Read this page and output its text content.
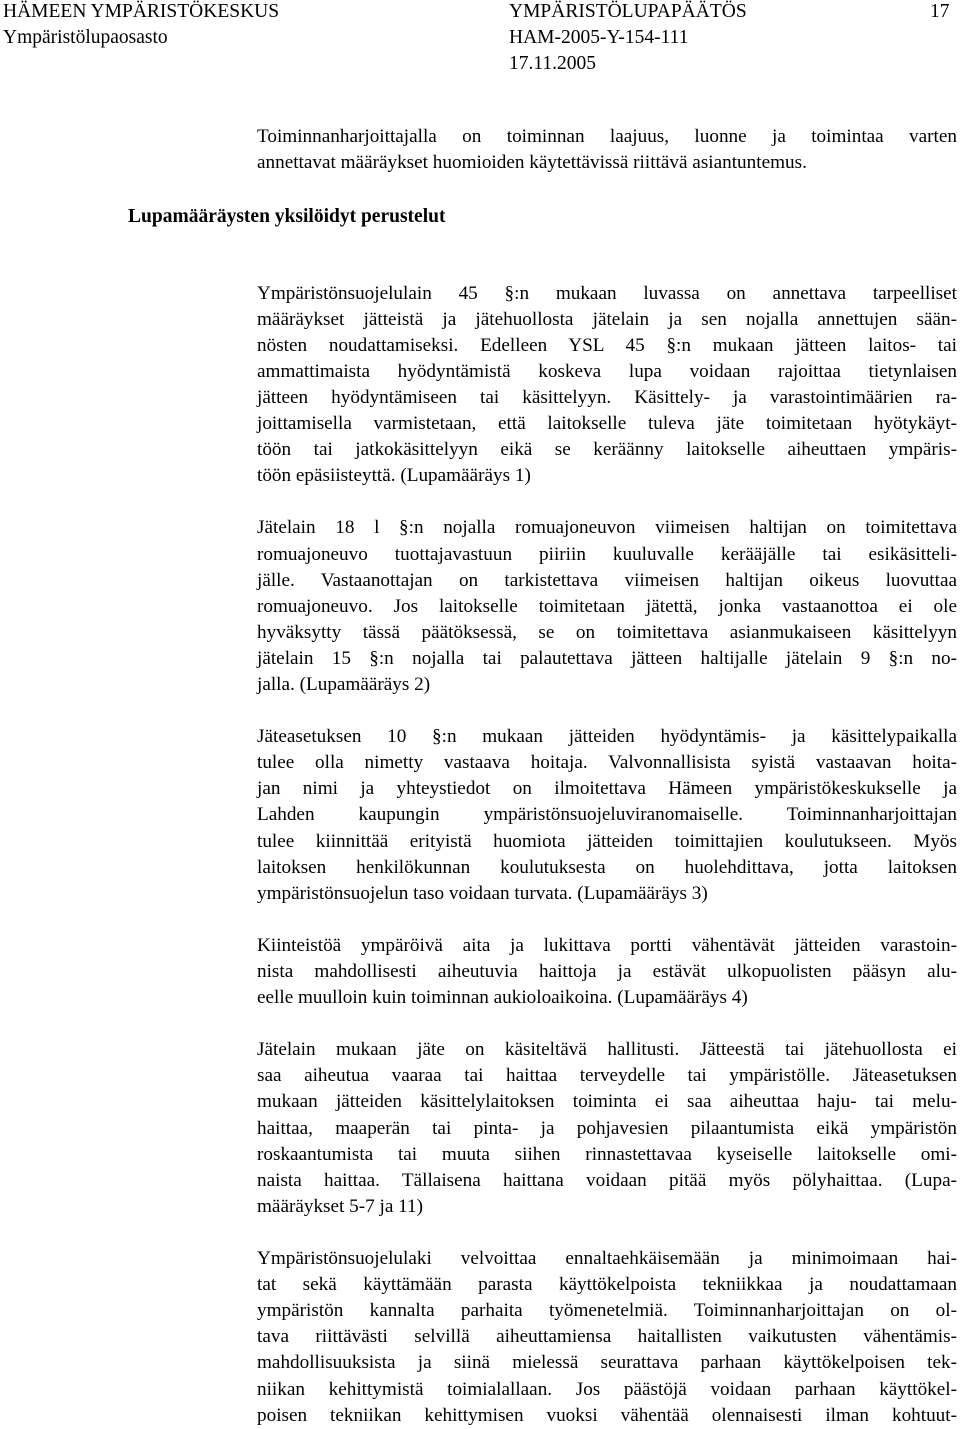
HÄMEEN YMPÄRISTÖKESKUS
Ympäristölupaosasto
YMPÄRISTÖLUPAPÄÄTÖS
HAM-2005-Y-154-111
17.11.2005
17
Lupamääräysten yksilöidyt perustelut
Toiminnanharjoittajalla on toiminnan laajuus, luonne ja toimintaa varten
annettavat määräykset huomioiden käytettävissä riittävä asiantuntemus.
Ympäristönsuojelulain 45 §:n mukaan luvassa on annettava tarpeelliset
määräykset jätteistä ja jätehuollosta jätelain ja sen nojalla annettujen sään-
nösten noudattamiseksi. Edelleen YSL 45 §:n mukaan jätteen laitos- tai
ammattimaista hyödyntämistä koskeva lupa voidaan rajoittaa tietynlaisen
jätteen hyödyntämiseen tai käsittelyyn. Käsittely- ja varastointimäärien ra-
joittamisella varmistetaan, että laitokselle tuleva jäte toimitetaan hyötykäyt-
töön tai jatkokäsittelyyn eikä se keräänny laitokselle aiheuttaen ympäris-
töön epäsiisteyttä. (Lupamääräys 1)
Jätelain 18 l §:n nojalla romuajoneuvon viimeisen haltijan on toimitettava
romuajoneuvo tuottajavastuun piiriin kuuluvalle kerääjälle tai esikäsitteli-
jälle. Vastaanottajan on tarkistettava viimeisen haltijan oikeus luovuttaa
romuajoneuvo. Jos laitokselle toimitetaan jätettä, jonka vastaanottoa ei ole
hyväksytty tässä päätöksessä, se on toimitettava asianmukaiseen käsittelyyn
jätelain 15 §:n nojalla tai palautettava jätteen haltijalle jätelain 9 §:n no-
jalla. (Lupamääräys 2)
Jäteasetuksen 10 §:n mukaan jätteiden hyödyntämis- ja käsittelypaikalla
tulee olla nimetty vastaava hoitaja. Valvonnallisista syistä vastaavan hoita-
jan nimi ja yhteystiedot on ilmoitettava Hämeen ympäristökeskukselle ja
Lahden kaupungin ympäristönsuojeluviranomaiselle. Toiminnanharjoittajan
tulee kiinnittää erityistä huomiota jätteiden toimittajien koulutukseen. Myös
laitoksen henkilökunnan koulutuksesta on huolehdittava, jotta laitoksen
ympäristönsuojelun taso voidaan turvata. (Lupamääräys 3)
Kiinteistöä ympäröivä aita ja lukittava portti vähentävät jätteiden varastoin-
nista mahdollisesti aiheutuvia haittoja ja estävät ulkopuolisten pääsyn alu-
eelle muulloin kuin toiminnan aukioloaikoina. (Lupamääräys 4)
Jätelain mukaan jäte on käsiteltävä hallitusti. Jätteestä tai jätehuollosta ei
saa aiheutua vaaraa tai haittaa terveydelle tai ympäristölle. Jäteasetuksen
mukaan jätteiden käsittelylaitoksen toiminta ei saa aiheuttaa haju- tai melu-
haittaa, maaperän tai pinta- ja pohjavesien pilaantumista eikä ympäristön
roskaantumista tai muuta siihen rinnastettavaa kyseiselle laitokselle omi-
naista haittaa. Tällaisena haittana voidaan pitää myös pölyhaittaa. (Lupa-
määräykset 5-7 ja 11)
Ympäristönsuojelulaki velvoittaa ennaltaehkäisemään ja minimoimaan hai-
tat sekä käyttämään parasta käyttökelpoista tekniikkaa ja noudattamaan
ympäristön kannalta parhaita työmenetelmiä. Toiminnanharjoittajan on ol-
tava riittävästi selvillä aiheuttamiensa haitallisten vaikutusten vähentämis-
mahdollisuuksista ja siinä mielessä seurattava parhaan käyttökelpoisen tek-
niikan kehittymistä toimialallaan. Jos päästöjä voidaan parhaan käyttökel-
poisen tekniikan kehittymisen vuoksi vähentää olennaisesti ilman kohtuut-
